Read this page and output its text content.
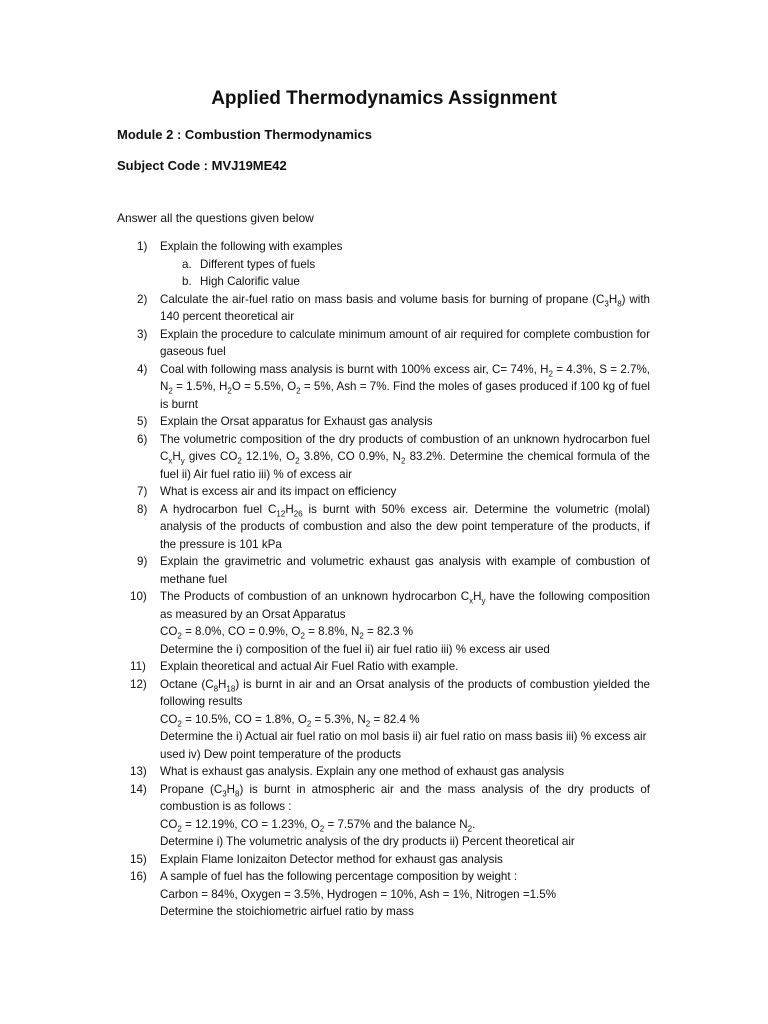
Applied Thermodynamics Assignment
Module 2 : Combustion Thermodynamics
Subject Code : MVJ19ME42
Answer all the questions given below
1) Explain the following with examples
a. Different types of fuels
b. High Calorific value
2) Calculate the air-fuel ratio on mass basis and volume basis for burning of propane $(C_3H_8)$ with 140 percent theoretical air
3) Explain the procedure to calculate minimum amount of air required for complete combustion for gaseous fuel
4) Coal with following mass analysis is burnt with 100% excess air, C= 74%, $H_2 = 4.3\%$, S = 2.7%, $N_2 = 1.5\%$, $H_2O = 5.5\%$, $O_2 = 5\%$, Ash = 7%. Find the moles of gases produced if 100 kg of fuel is burnt
5) Explain the Orsat apparatus for Exhaust gas analysis
6) The volumetric composition of the dry products of combustion of an unknown hydrocarbon fuel $C_xH_y$ gives $CO_2$ 12.1%, $O_2$ 3.8%, CO 0.9%, $N_2$ 83.2%. Determine the chemical formula of the fuel ii) Air fuel ratio iii) % of excess air
7) What is excess air and its impact on efficiency
8) A hydrocarbon fuel $C_{12}H_{26}$ is burnt with 50% excess air. Determine the volumetric (molal) analysis of the products of combustion and also the dew point temperature of the products, if the pressure is 101 kPa
9) Explain the gravimetric and volumetric exhaust gas analysis with example of combustion of methane fuel
10) The Products of combustion of an unknown hydrocarbon $C_xH_y$ have the following composition as measured by an Orsat Apparatus
$CO_2 = 8.0\%$, CO = 0.9%, $O_2 = 8.8\%$, $N_2 = 82.3$ %
Determine the i) composition of the fuel ii) air fuel ratio iii) % excess air used
11) Explain theoretical and actual Air Fuel Ratio with example.
12) Octane $(C_8H_{18})$ is burnt in air and an Orsat analysis of the products of combustion yielded the following results
$CO_2 = 10.5\%$, CO = 1.8%, $O_2 = 5.3\%$, $N_2 = 82.4$ %
Determine the i) Actual air fuel ratio on mol basis ii) air fuel ratio on mass basis iii) % excess air used iv) Dew point temperature of the products
13) What is exhaust gas analysis. Explain any one method of exhaust gas analysis
14) Propane $(C_3H_8)$ is burnt in atmospheric air and the mass analysis of the dry products of combustion is as follows :
$CO_2 = 12.19\%$, CO = 1.23%, $O_2 = 7.57\%$ and the balance $N_2$.
Determine i) The volumetric analysis of the dry products ii) Percent theoretical air
15) Explain Flame Ionizaiton Detector method for exhaust gas analysis
16) A sample of fuel has the following percentage composition by weight :
Carbon = 84%, Oxygen = 3.5%, Hydrogen = 10%, Ash = 1%, Nitrogen =1.5%
Determine the stoichiometric airfuel ratio by mass
